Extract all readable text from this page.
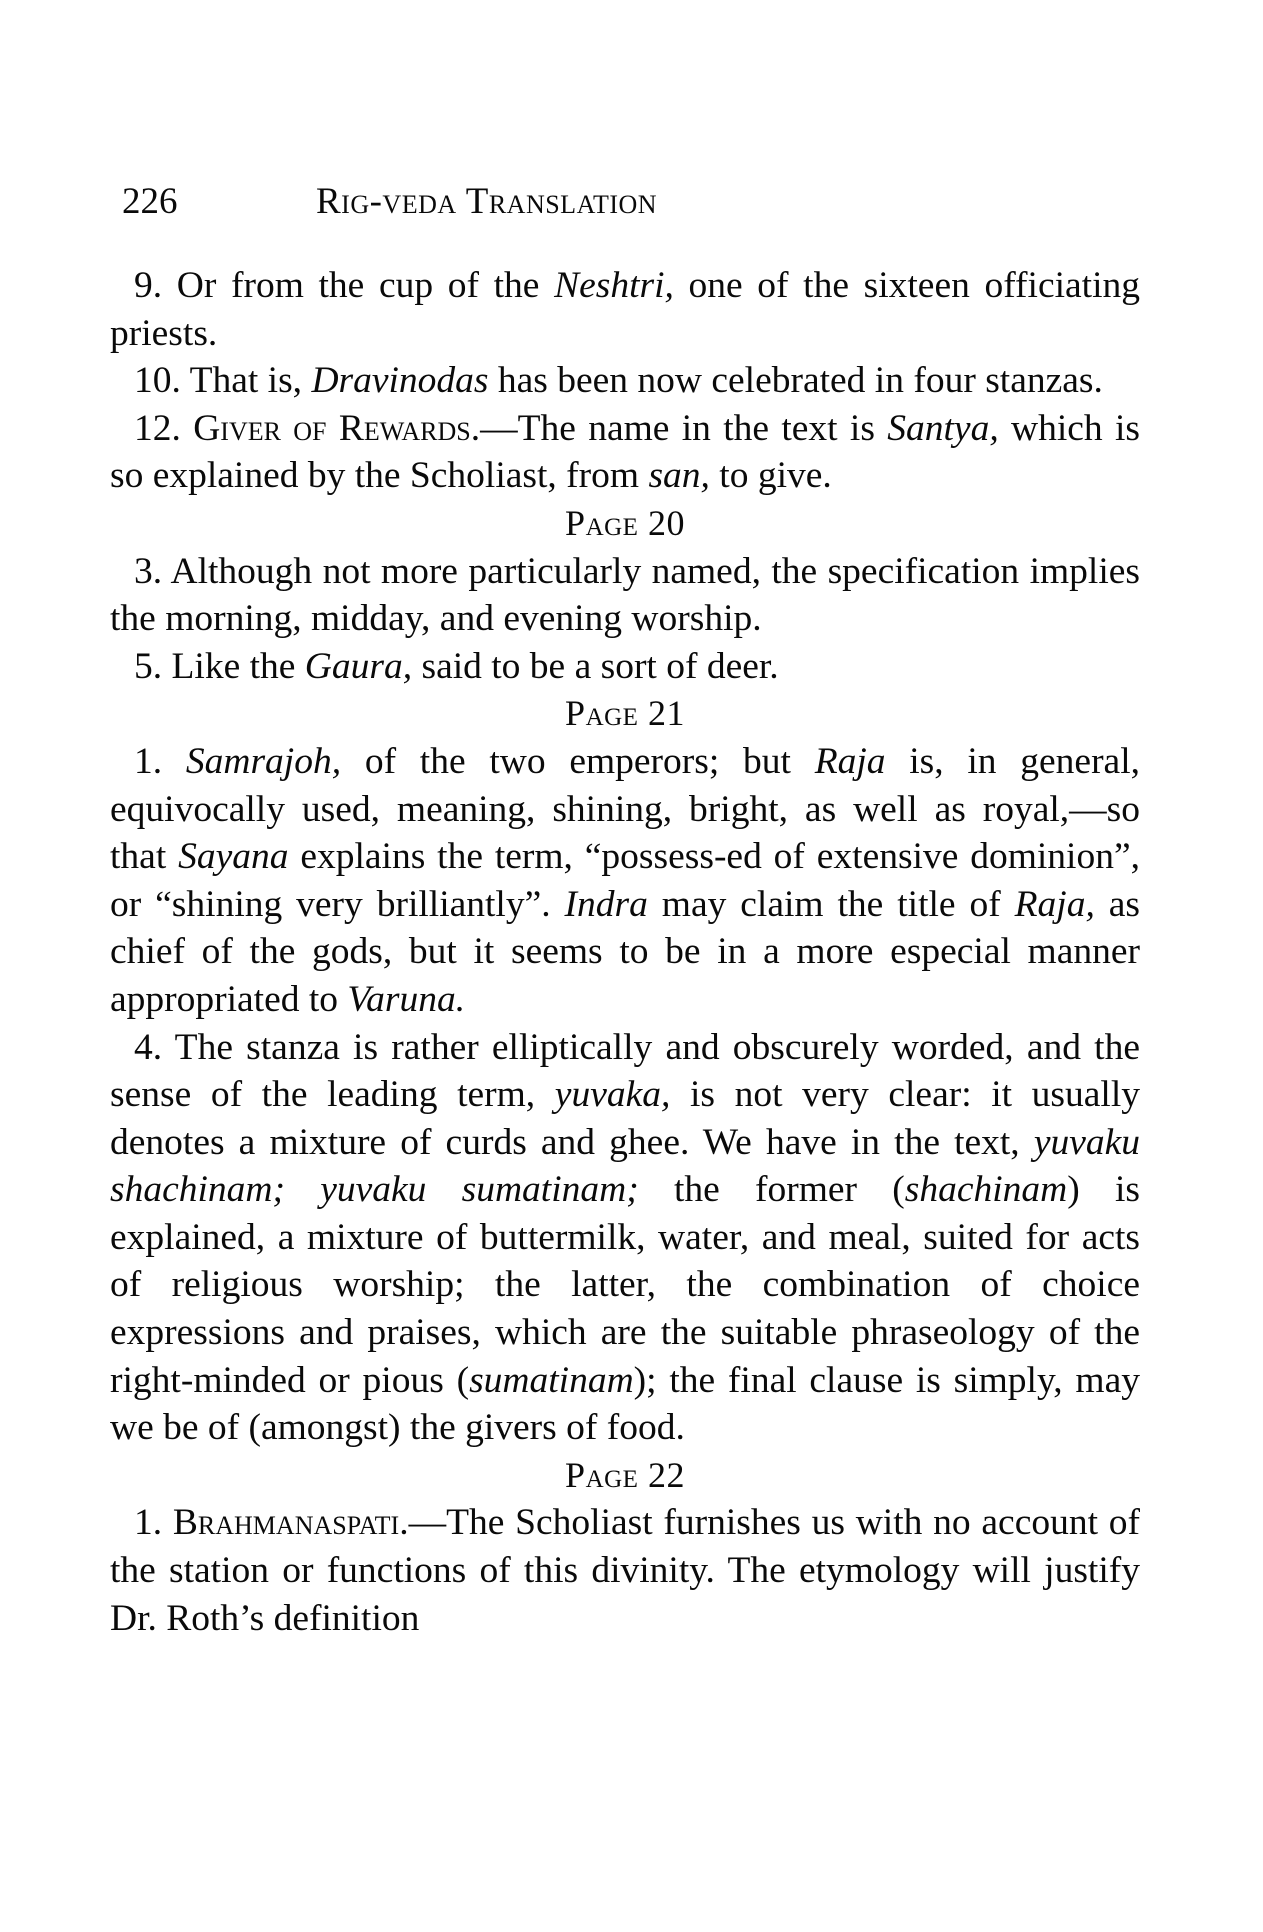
226	Rig-veda Translation

9. Or from the cup of the Neshtri, one of the sixteen officiating priests.

10. That is, Dravinodas has been now celebrated in four stanzas.

12. Giver of Rewards.—The name in the text is Santya, which is so explained by the Scholiast, from san, to give.

Page 20

3. Although not more particularly named, the specification implies the morning, midday, and evening worship.

5. Like the Gaura, said to be a sort of deer.

Page 21

1. Samrajoh, of the two emperors; but Raja is, in general, equivocally used, meaning, shining, bright, as well as royal,—so that Sayana explains the term, “possess-ed of extensive dominion”, or “shining very brilliantly”. Indra may claim the title of Raja, as chief of the gods, but it seems to be in a more especial manner appropriated to Varuna.

4. The stanza is rather elliptically and obscurely worded, and the sense of the leading term, yuvaka, is not very clear: it usually denotes a mixture of curds and ghee. We have in the text, yuvaku shachinam; yuvaku sumatinam; the former (shachinam) is explained, a mixture of buttermilk, water, and meal, suited for acts of religious worship; the latter, the combination of choice expressions and praises, which are the suitable phraseology of the right-minded or pious (sumatinam); the final clause is simply, may we be of (amongst) the givers of food.

Page 22

1. Brahmanaspati.—The Scholiast furnishes us with no account of the station or functions of this divinity. The etymology will justify Dr. Roth’s definition
